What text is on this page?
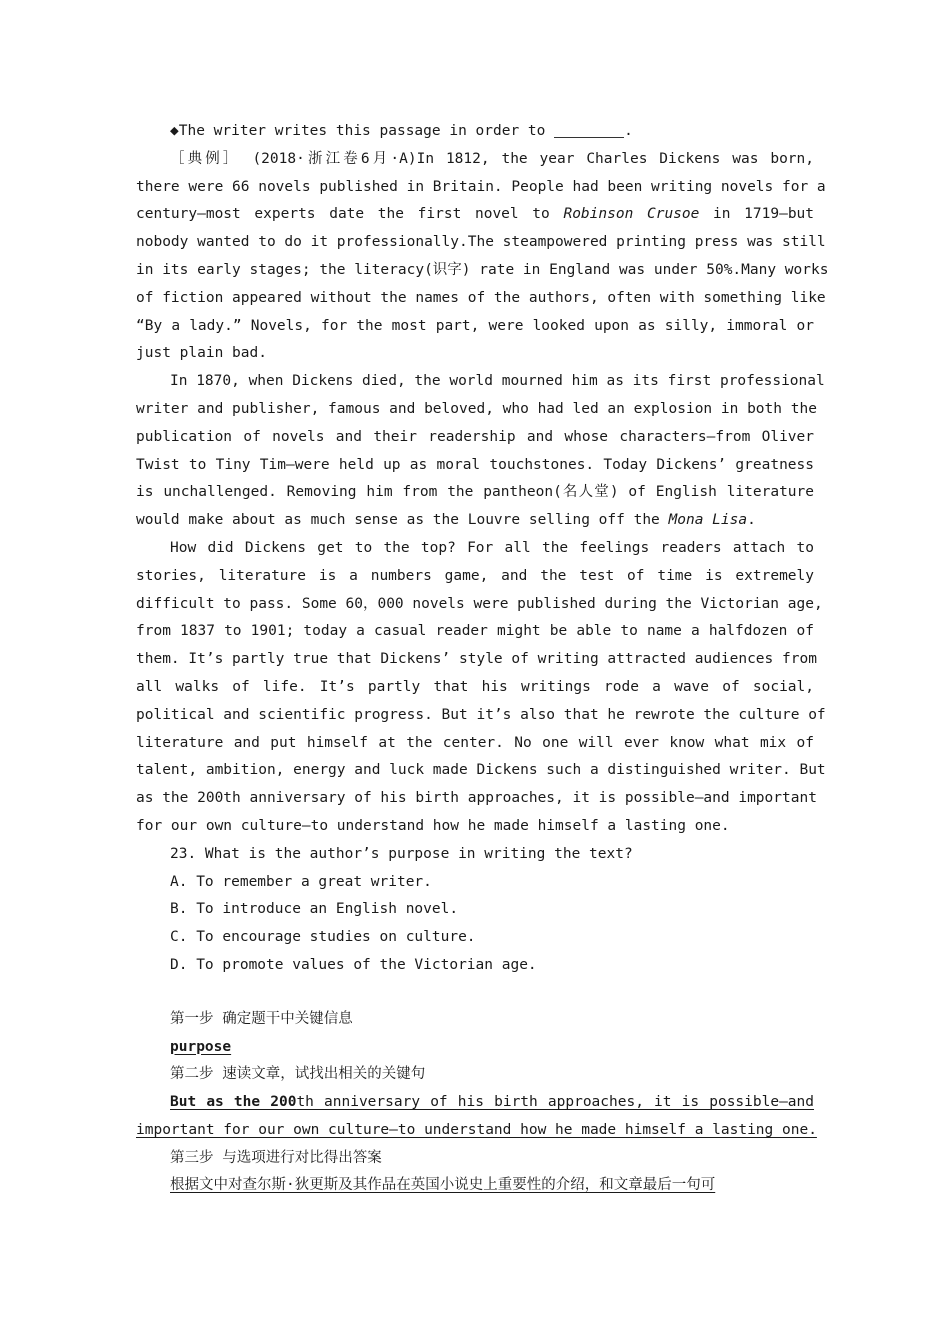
◆The writer writes this passage in order to	.
［典例］ (2018·浙江卷6月·A)In 1812, the year Charles Dickens was born,
there were 66 novels published in Britain. People had been writing novels for a
century—most experts date the first novel to Robinson Crusoe in 1719—but
nobody wanted to do it professionally.The steampowered printing press was still
in its early stages; the literacy(识字) rate in England was under 50%.Many works
of fiction appeared without the names of the authors, often with something like
“By a lady.” Novels, for the most part, were looked upon as silly, immoral or
just plain bad.
In 1870, when Dickens died, the world mourned him as its first professional
writer and publisher, famous and beloved, who had led an explosion in both the
publication of novels and their readership and whose characters—from Oliver
Twist to Tiny Tim—were held up as moral touchstones. Today Dickens’ greatness
is unchallenged. Removing him from the pantheon(名人堂) of English literature
would make about as much sense as the Louvre selling off the Mona Lisa.
How did Dickens get to the top? For all the feelings readers attach to
stories, literature is a numbers game, and the test of time is extremely
difficult to pass. Some 60，000 novels were published during the Victorian age,
from 1837 to 1901; today a casual reader might be able to name a halfdozen of
them. It’s partly true that Dickens’ style of writing attracted audiences from
all walks of life. It’s partly that his writings rode a wave of social,
political and scientific progress. But it’s also that he rewrote the culture of
literature and put himself at the center. No one will ever know what mix of
talent, ambition, energy and luck made Dickens such a distinguished writer. But
as the 200th anniversary of his birth approaches, it is possible—and important
for our own culture—to understand how he made himself a lasting one.
23. What is the author’s purpose in writing the text?
A. To remember a great writer.
B. To introduce an English novel.
C. To encourage studies on culture.
D. To promote values of the Victorian age.
第一步 确定题干中关键信息
purpose
第二步 速读文章，试找出相关的关键句
But as the 200th anniversary of his birth approaches, it is possible—and
important for our own culture—to understand how he made himself a lasting one.
第三步 与选项进行对比得出答案
根据文中对查尔斯·狄更斯及其作品在英国小说史上重要性的介绍，和文章最后一句可
